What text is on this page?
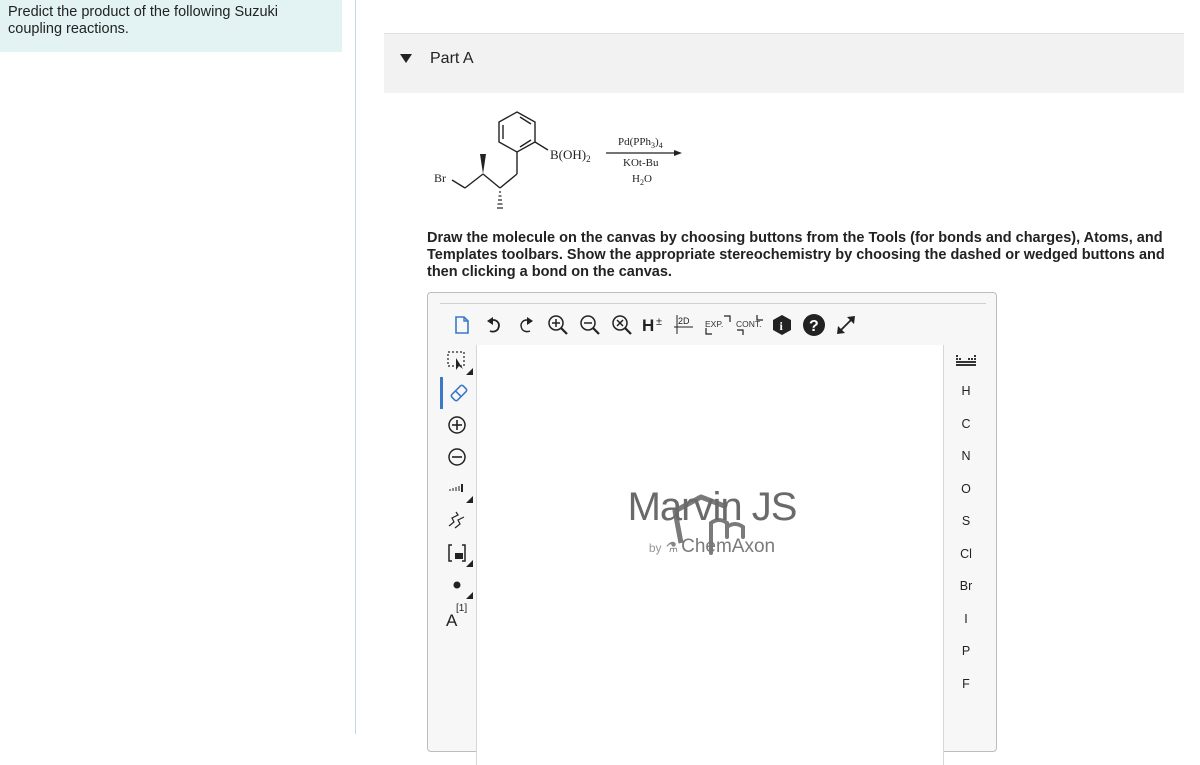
Predict the product of the following Suzuki coupling reactions.
Part A
$B(OH)_2$
Br
$Pd(PPh_3)_4$
KOt-Bu
$H_2O$
Draw the molecule on the canvas by choosing buttons from the Tools (for bonds and charges), Atoms, and Templates toolbars. Show the appropriate stereochemistry by choosing the dashed or wedged buttons and then clicking a bond on the canvas.
H ± 2D EXP. CONT. i ?
A
[1]
Marvin JS
by ⚗ ChemAxon
H
C
N
O
S
Cl
Br
I
P
F
